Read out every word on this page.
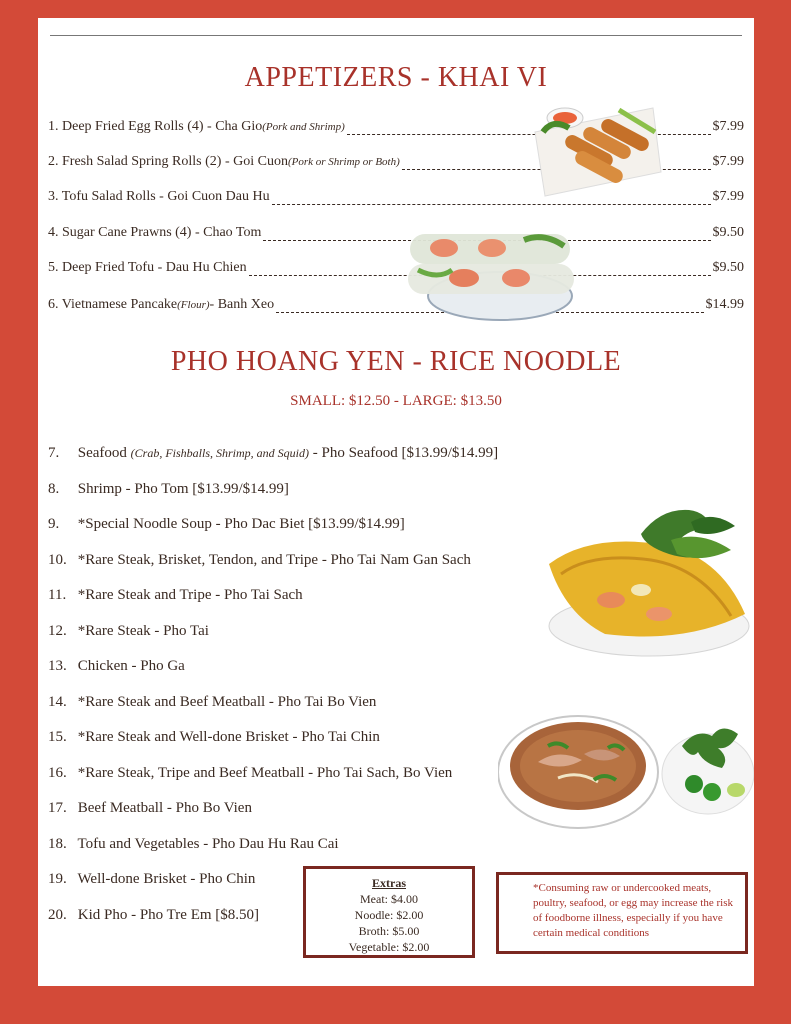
APPETIZERS - KHAI VI
1. Deep Fried Egg Rolls (4) - Cha Gio (Pork and Shrimp)	$7.99
2. Fresh Salad Spring Rolls (2) - Goi Cuon (Pork or Shrimp or Both)	$7.99
3. Tofu Salad Rolls - Goi Cuon Dau Hu	$7.99
4. Sugar Cane Prawns (4) - Chao Tom	$9.50
5. Deep Fried Tofu - Dau Hu Chien	$9.50
6. Vietnamese Pancake (Flour) - Banh Xeo	$14.99
PHO HOANG YEN - RICE NOODLE
SMALL: $12.50 - LARGE: $13.50
7. Seafood (Crab, Fishballs, Shrimp, and Squid) - Pho Seafood [$13.99/$14.99]
8. Shrimp - Pho Tom [$13.99/$14.99]
9. *Special Noodle Soup - Pho Dac Biet [$13.99/$14.99]
10. *Rare Steak, Brisket, Tendon, and Tripe - Pho Tai Nam Gan Sach
11. *Rare Steak and Tripe - Pho Tai Sach
12. *Rare Steak - Pho Tai
13. Chicken - Pho Ga
14. *Rare Steak and Beef Meatball - Pho Tai Bo Vien
15. *Rare Steak and Well-done Brisket - Pho Tai Chin
16. *Rare Steak, Tripe and Beef Meatball - Pho Tai Sach, Bo Vien
17. Beef Meatball - Pho Bo Vien
18. Tofu and Vegetables - Pho Dau Hu Rau Cai
19. Well-done Brisket - Pho Chin
20. Kid Pho - Pho Tre Em [$8.50]
Extras
Meat: $4.00
Noodle: $2.00
Broth: $5.00
Vegetable: $2.00
*Consuming raw or undercooked meats, poultry, seafood, or egg may increase the risk of foodborne illness, especially if you have certain medical conditions
